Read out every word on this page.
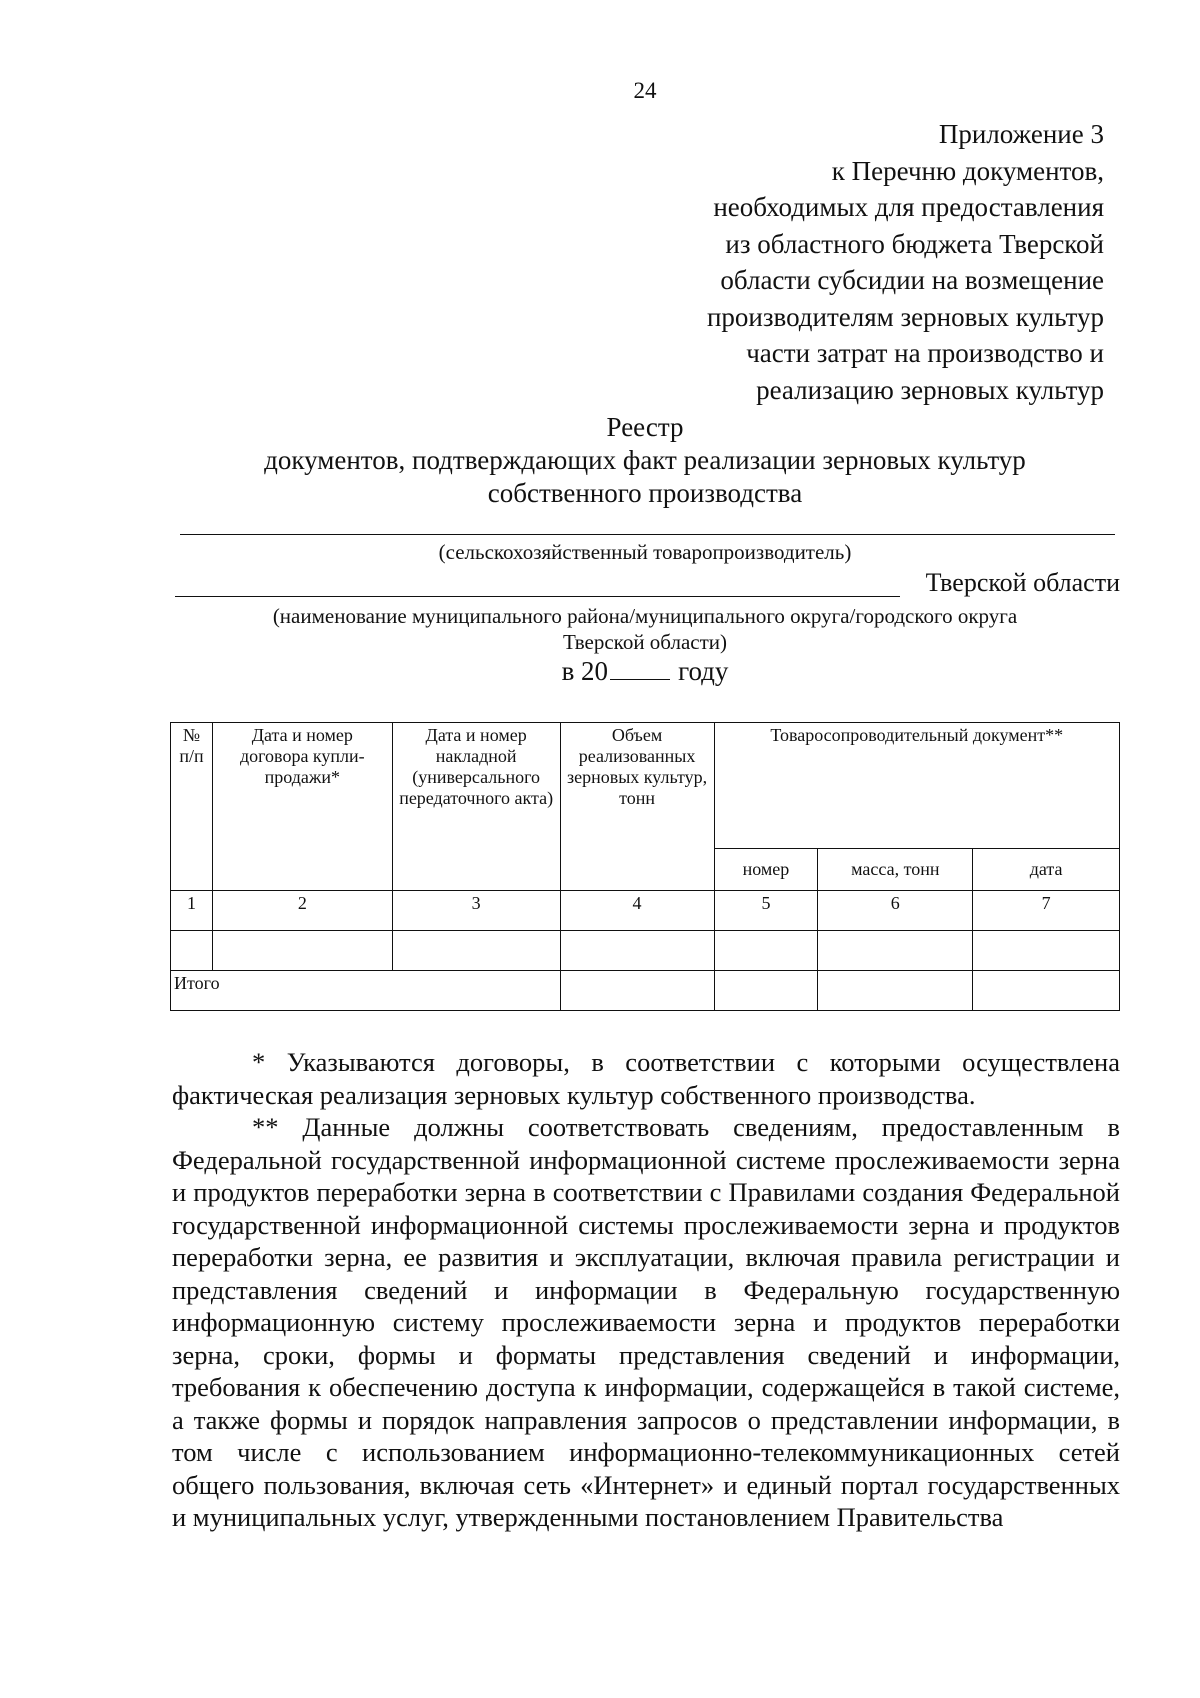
24
Приложение 3
к Перечню документов,
необходимых для предоставления
из областного бюджета Тверской
области субсидии на возмещение
производителям зерновых культур
части затрат на производство и
реализацию зерновых культур
Реестр
документов, подтверждающих факт реализации зерновых культур
собственного производства
(сельскохозяйственный товаропроизводитель)
Тверской области
(наименование муниципального района/муниципального округа/городского округа
Тверской области)
в 20	году
№ п/п	Дата и номер договора купли-продажи*	Дата и номер накладной (универсального передаточного акта)	Объем реализованных зерновых культур, тонн	Товаросопроводительный документ**		
				номер	масса, тонн	дата
1	2	3	4	5	6	7

Итого						

* Указываются договоры, в соответствии с которыми осуществлена фактическая реализация зерновых культур собственного производства.

** Данные должны соответствовать сведениям, предоставленным в Федеральной государственной информационной системе прослеживаемости зерна и продуктов переработки зерна в соответствии с Правилами создания Федеральной государственной информационной системы прослеживаемости зерна и продуктов переработки зерна, ее развития и эксплуатации, включая правила регистрации и представления сведений и информации в Федеральную государственную информационную систему прослеживаемости зерна и продуктов переработки зерна, сроки, формы и форматы представления сведений и информации, требования к обеспечению доступа к информации, содержащейся в такой системе, а также формы и порядок направления запросов о представлении информации, в том числе с использованием информационно-телекоммуникационных сетей общего пользования, включая сеть «Интернет» и единый портал государственных и муниципальных услуг, утвержденными постановлением Правительства
